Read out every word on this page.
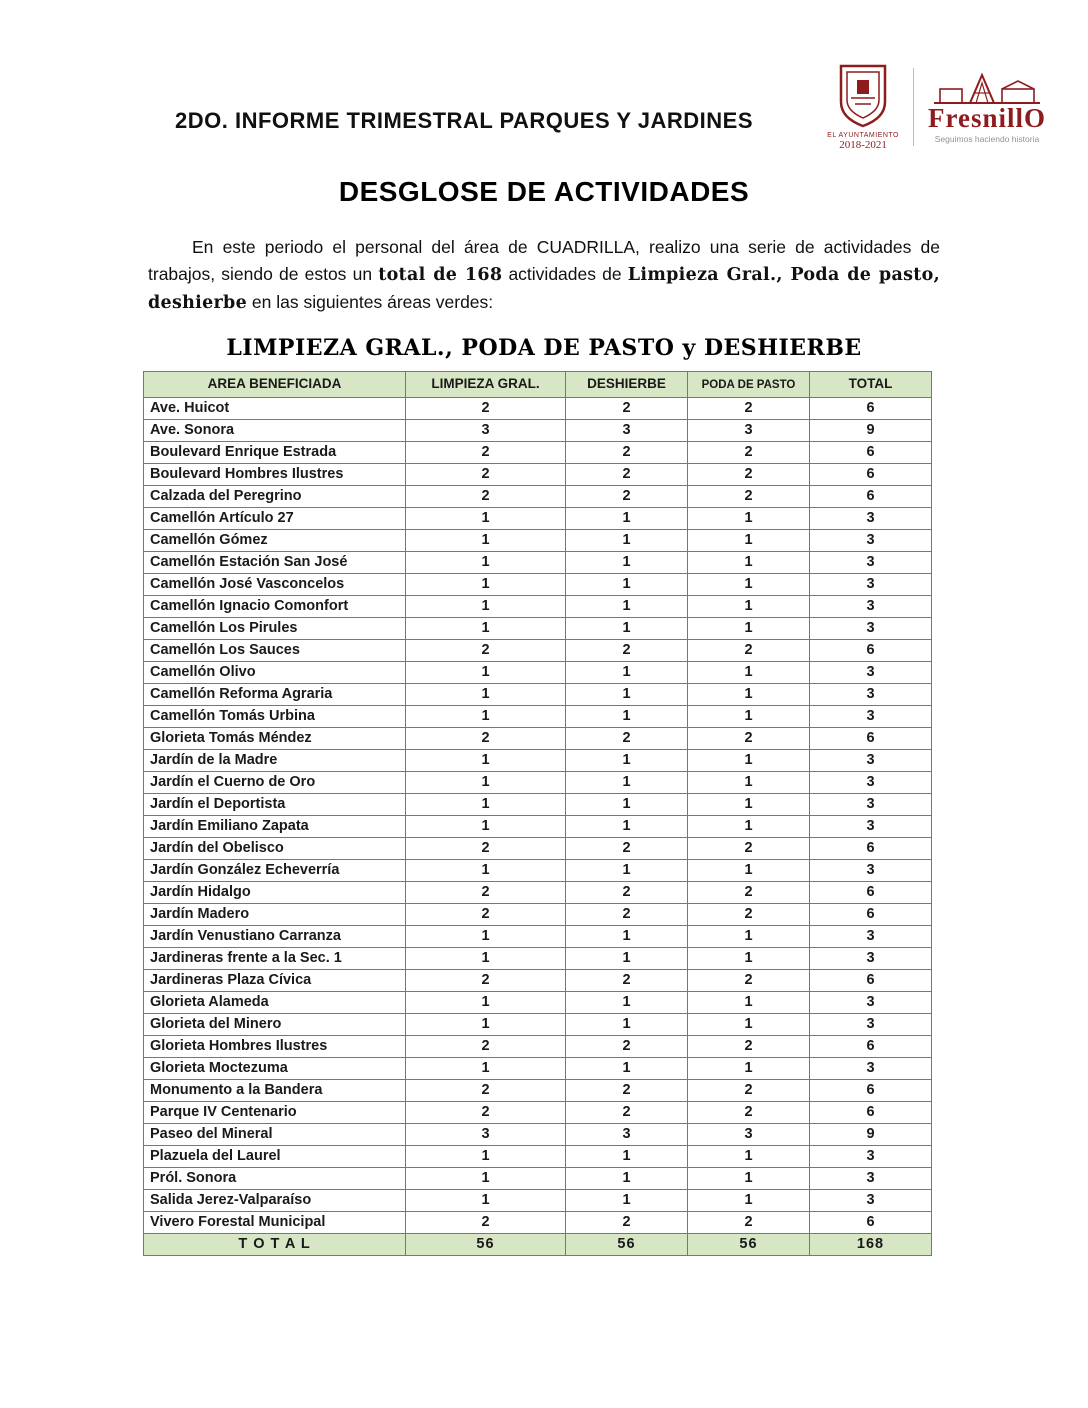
2DO. INFORME TRIMESTRAL PARQUES Y JARDINES
EL AYUNTAMIENTO
2018-2021
FresnillO
Seguimos haciendo historia
DESGLOSE DE ACTIVIDADES

En este periodo el personal del área de CUADRILLA, realizo una serie de actividades de trabajos, siendo de estos un total de 168 actividades de Limpieza Gral., Poda de pasto, deshierbe en las siguientes áreas verdes:

LIMPIEZA GRAL., PODA DE PASTO y DESHIERBE
AREA BENEFICIADA	LIMPIEZA GRAL.	DESHIERBE	PODA DE PASTO	TOTAL
Ave. Huicot	2	2	2	6
Ave. Sonora	3	3	3	9
Boulevard Enrique Estrada	2	2	2	6
Boulevard Hombres Ilustres	2	2	2	6
Calzada del Peregrino	2	2	2	6
Camellón Artículo 27	1	1	1	3
Camellón Gómez	1	1	1	3
Camellón Estación San José	1	1	1	3
Camellón José Vasconcelos	1	1	1	3
Camellón Ignacio Comonfort	1	1	1	3
Camellón Los Pirules	1	1	1	3
Camellón Los Sauces	2	2	2	6
Camellón Olivo	1	1	1	3
Camellón Reforma Agraria	1	1	1	3
Camellón Tomás Urbina	1	1	1	3
Glorieta Tomás Méndez	2	2	2	6
Jardín de la Madre	1	1	1	3
Jardín el Cuerno de Oro	1	1	1	3
Jardín el Deportista	1	1	1	3
Jardín Emiliano Zapata	1	1	1	3
Jardín del Obelisco	2	2	2	6
Jardín González Echeverría	1	1	1	3
Jardín Hidalgo	2	2	2	6
Jardín Madero	2	2	2	6
Jardín Venustiano Carranza	1	1	1	3
Jardineras frente a la Sec. 1	1	1	1	3
Jardineras Plaza Cívica	2	2	2	6
Glorieta Alameda	1	1	1	3
Glorieta del Minero	1	1	1	3
Glorieta Hombres Ilustres	2	2	2	6
Glorieta Moctezuma	1	1	1	3
Monumento a la Bandera	2	2	2	6
Parque IV Centenario	2	2	2	6
Paseo del Mineral	3	3	3	9
Plazuela del Laurel	1	1	1	3
Pról. Sonora	1	1	1	3
Salida Jerez-Valparaíso	1	1	1	3
Vivero Forestal Municipal	2	2	2	6
T O T A L	56	56	56	168
